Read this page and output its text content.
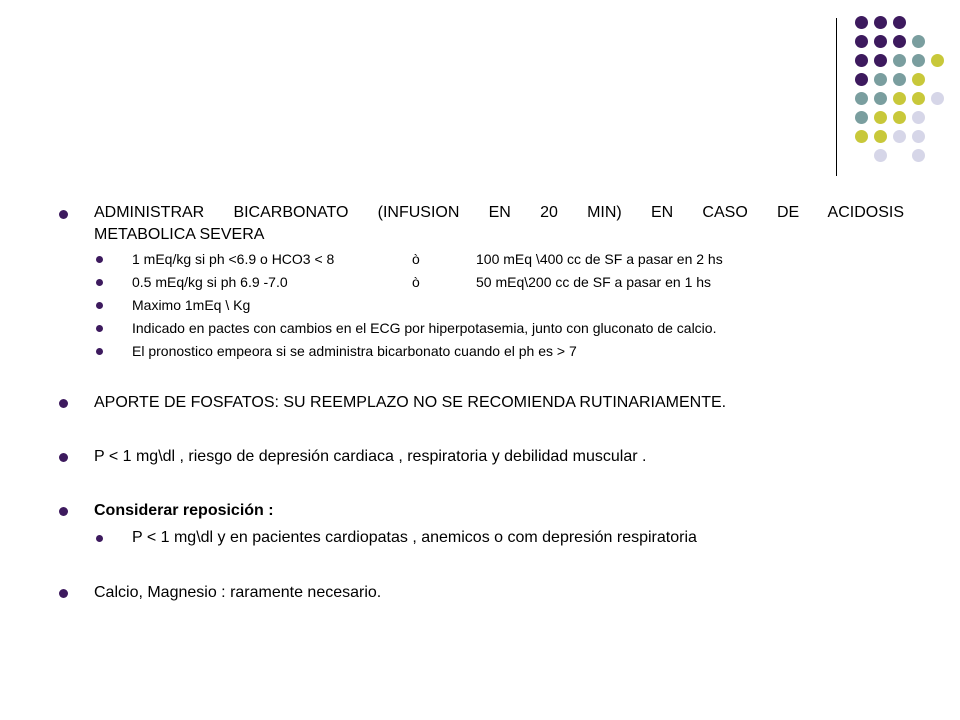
ADMINISTRAR BICARBONATO (INFUSION EN 20 MIN) EN CASO DE ACIDOSIS
METABOLICA SEVERA
1 mEq/kg si ph <6.9 o HCO3 < 8	ò	100 mEq \400 cc de SF a pasar en 2 hs
0.5 mEq/kg si ph 6.9 -7.0	ò	50 mEq\200 cc de SF a pasar en 1 hs
Maximo 1mEq \ Kg
Indicado en pactes con cambios en el ECG por hiperpotasemia, junto con gluconato de calcio.
El pronostico empeora si se administra bicarbonato cuando el ph es > 7
APORTE DE FOSFATOS: SU REEMPLAZO NO SE RECOMIENDA RUTINARIAMENTE.
P < 1 mg\dl , riesgo de depresión cardiaca , respiratoria y debilidad muscular .
Considerar reposición :
P < 1 mg\dl y en pacientes cardiopatas , anemicos o com depresión respiratoria
Calcio, Magnesio : raramente necesario.
